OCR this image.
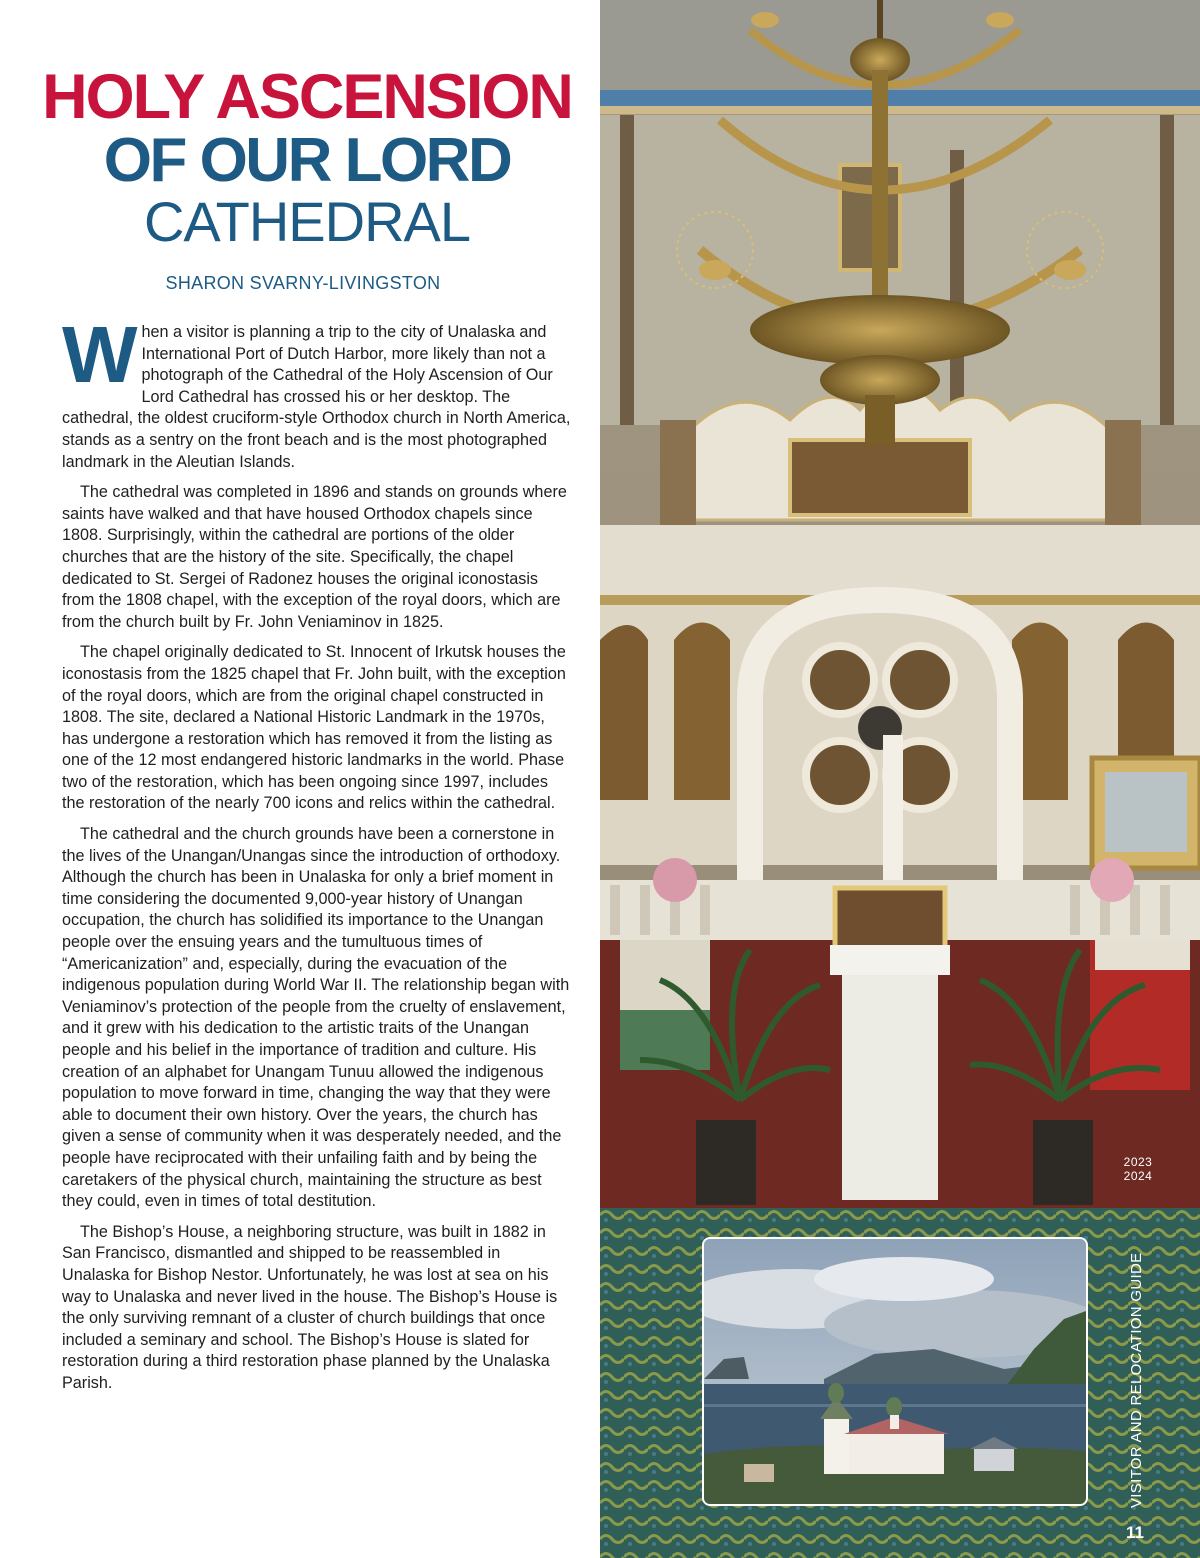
HOLY ASCENSION
OF OUR LORD
CATHEDRAL
SHARON SVARNY-LIVINGSTON

When a visitor is planning a trip to the city of Unalaska and International Port of Dutch Harbor, more likely than not a photograph of the Cathedral of the Holy Ascension of Our Lord Cathedral has crossed his or her desktop. The cathedral, the oldest cruciform-style Orthodox church in North America, stands as a sentry on the front beach and is the most photographed landmark in the Aleutian Islands.

The cathedral was completed in 1896 and stands on grounds where saints have walked and that have housed Orthodox chapels since 1808. Surprisingly, within the cathedral are portions of the older churches that are the history of the site. Specifically, the chapel dedicated to St. Sergei of Radonez houses the original iconostasis from the 1808 chapel, with the exception of the royal doors, which are from the church built by Fr. John Veniaminov in 1825.

The chapel originally dedicated to St. Innocent of Irkutsk houses the iconostasis from the 1825 chapel that Fr. John built, with the exception of the royal doors, which are from the original chapel constructed in 1808. The site, declared a National Historic Landmark in the 1970s, has undergone a restoration which has removed it from the listing as one of the 12 most endangered historic landmarks in the world. Phase two of the restoration, which has been ongoing since 1997, includes the restoration of the nearly 700 icons and relics within the cathedral.

The cathedral and the church grounds have been a cornerstone in the lives of the Unangan/Unangas since the introduction of orthodoxy. Although the church has been in Unalaska for only a brief moment in time considering the documented 9,000-year history of Unangan occupation, the church has solidified its importance to the Unangan people over the ensuing years and the tumultuous times of “Americanization” and, especially, during the evacuation of the indigenous population during World War II. The relationship began with Veniaminov’s protection of the people from the cruelty of enslavement, and it grew with his dedication to the artistic traits of the Unangan people and his belief in the importance of tradition and culture. His creation of an alphabet for Unangam Tunuu allowed the indigenous population to move forward in time, changing the way that they were able to document their own history. Over the years, the church has given a sense of community when it was desperately needed, and the people have reciprocated with their unfailing faith and by being the caretakers of the physical church, maintaining the structure as best they could, even in times of total destitution.

The Bishop’s House, a neighboring structure, was built in 1882 in San Francisco, dismantled and shipped to be reassembled in Unalaska for Bishop Nestor. Unfortunately, he was lost at sea on his way to Unalaska and never lived in the house. The Bishop’s House is the only surviving remnant of a cluster of church buildings that once included a seminary and school. The Bishop’s House is slated for restoration during a third restoration phase planned by the Unalaska Parish.

2023
2024
VISITOR AND RELOCATION GUIDE
11
